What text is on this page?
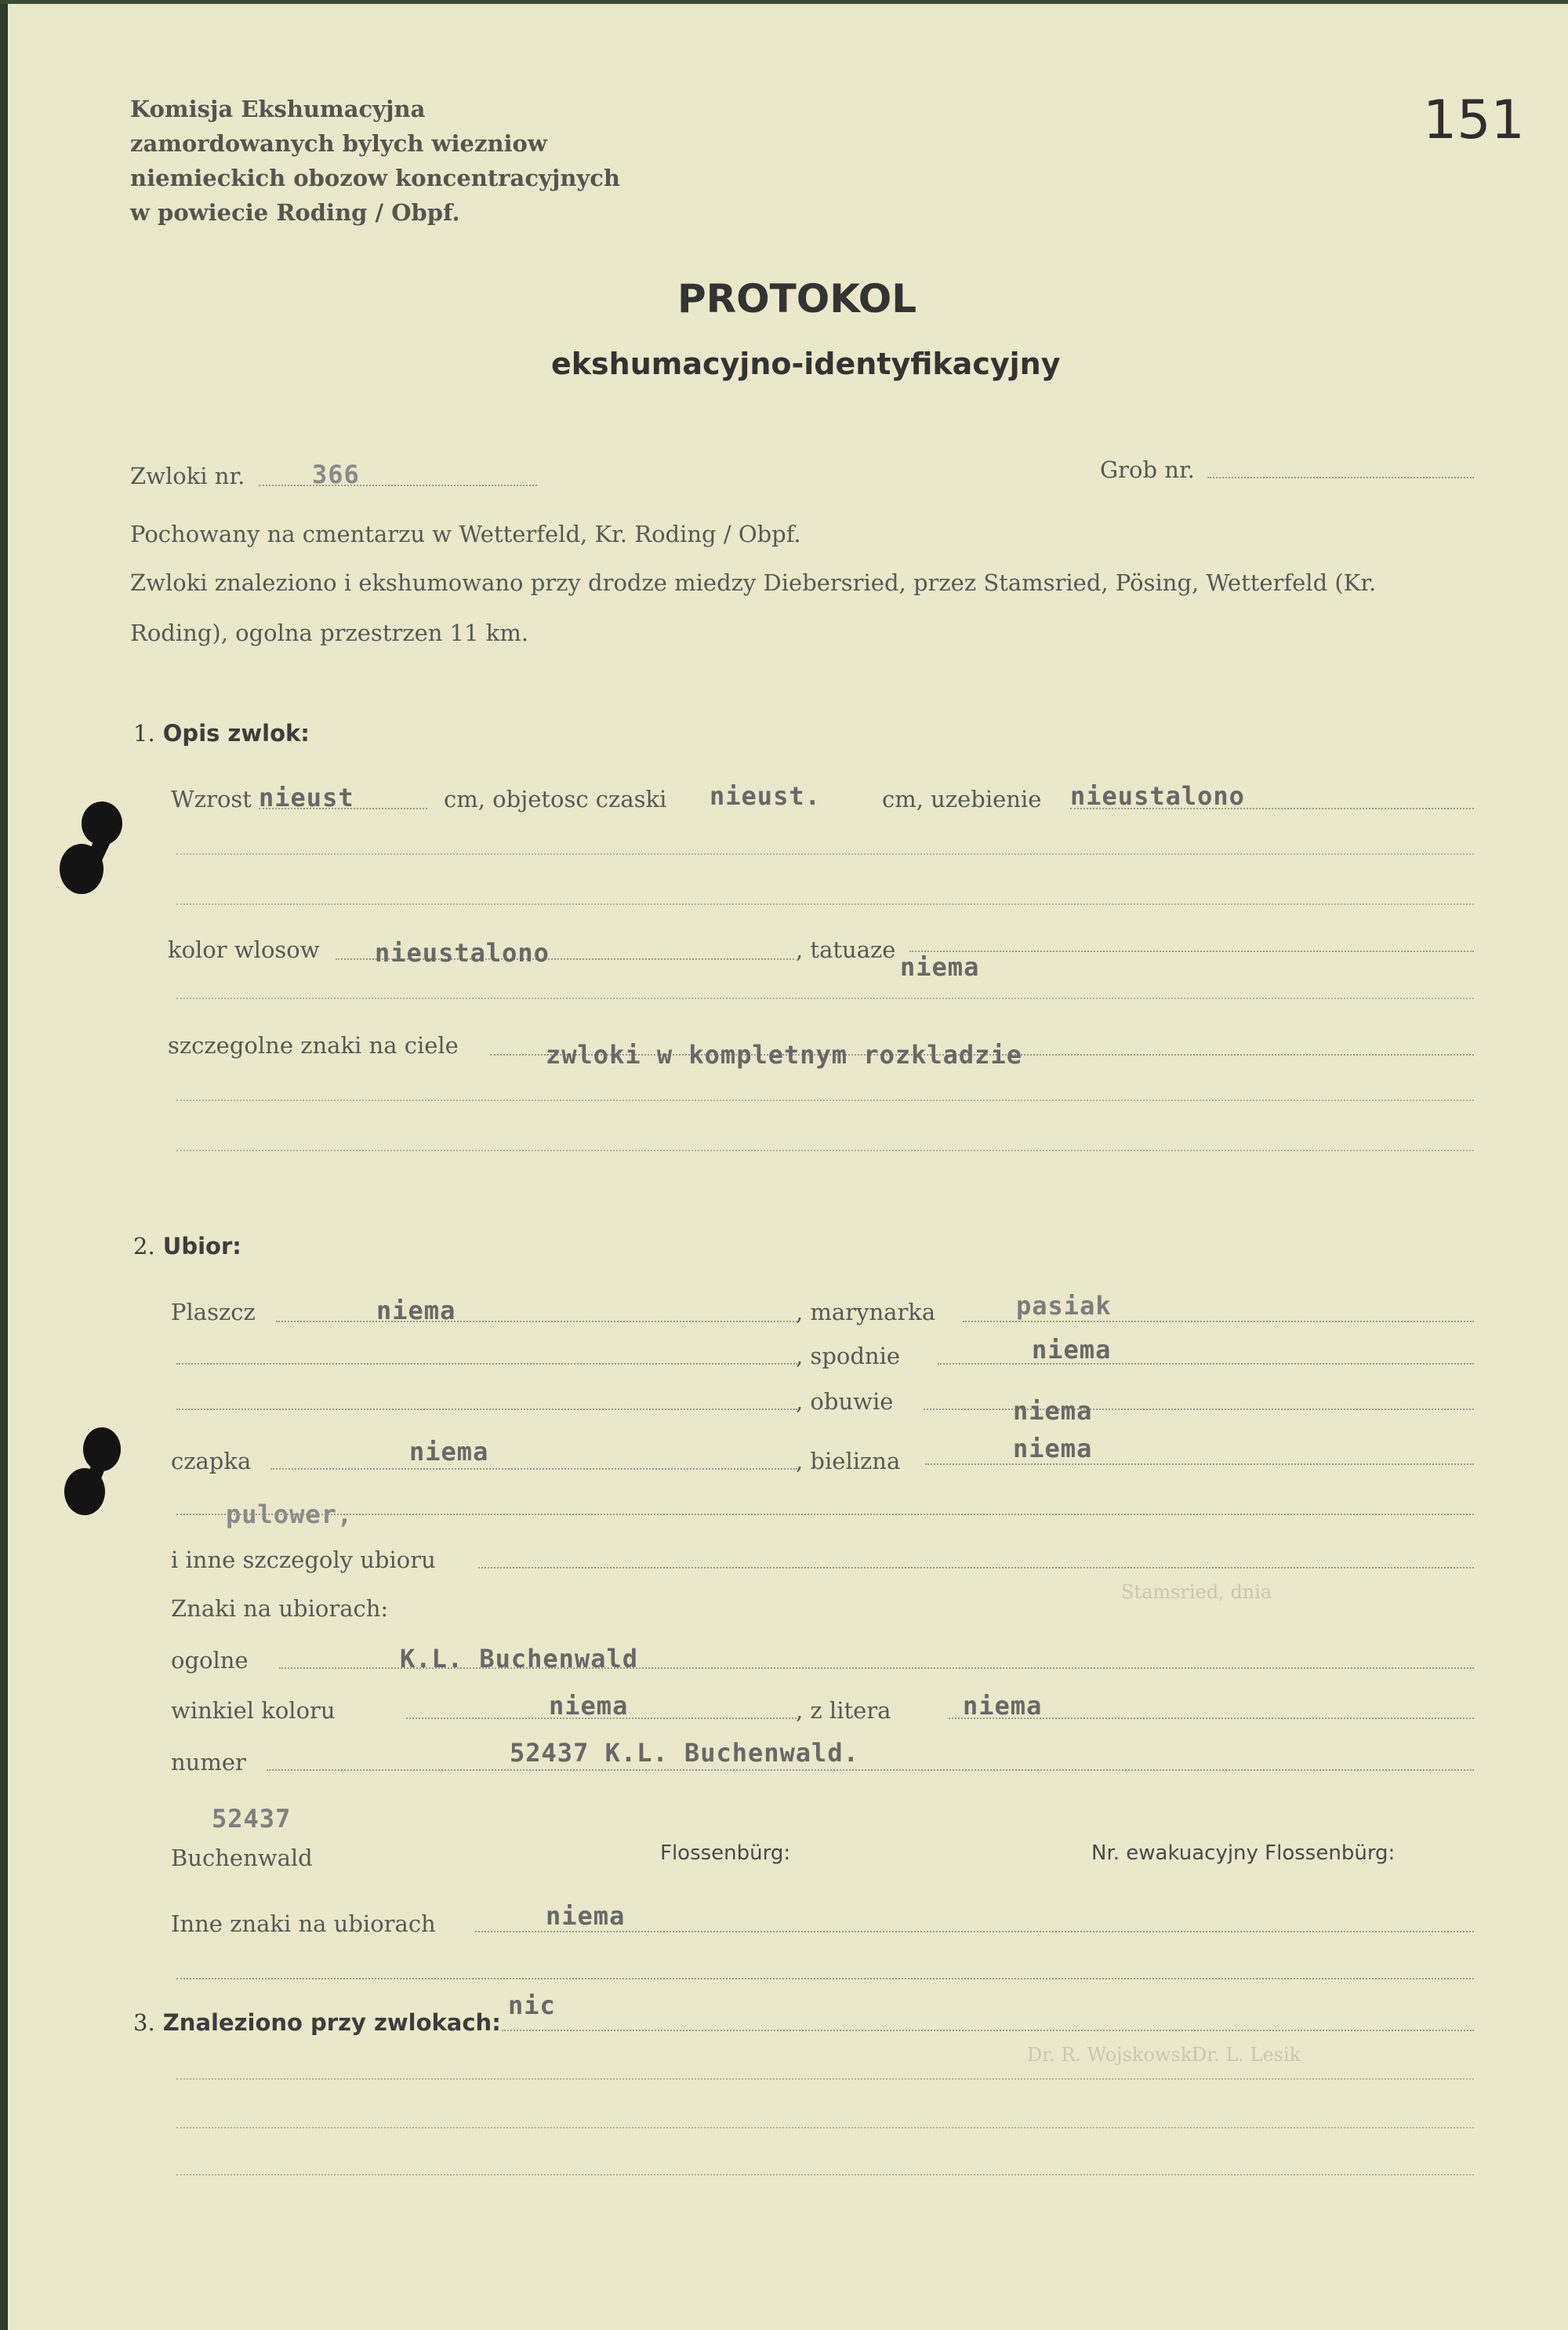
Komisja Ekshumacyjna
zamordowanych bylych wiezniow
niemieckich obozow koncentracyjnych
w powiecie Roding / Obpf.
151
PROTOKOL
ekshumacyjno-identyfikacyjny
Zwloki nr.	366	Grob nr.
Pochowany na cmentarzu w Wetterfeld, Kr. Roding / Obpf.
Zwloki znaleziono i ekshumowano przy drodze miedzy Diebersried, przez Stamsried, Pösing, Wetterfeld (Kr.
Roding), ogolna przestrzen 11 km.
1. Opis zwlok:
Wzrost nieust	cm, objetosc czaski nieust.	cm, uzebienie nieustalono
kolor wlosow nieustalono	, tatuaze
niema
szczegolne znaki na ciele	zwloki w kompletnym rozkladzie
2. Ubior:
Plaszcz	niema	, marynarka	pasiak
, spodnie	niema
, obuwie	niema
czapka	niema	, bielizna	niema
pulower,
i inne szczegoly ubioru
Znaki na ubiorach:
ogolne	K.L. Buchenwald
winkiel koloru	niema	, z litera	niema
numer	52437 K.L. Buchenwald.
52437
Buchenwald	Flossenbürg:	Nr. ewakuacyjny Flossenbürg:
Inne znaki na ubiorach	niema
3. Znaleziono przy zwlokach:
nic
Stamsried, dnia
Dr. R. Wojskowski
Dr. L. Lesik
